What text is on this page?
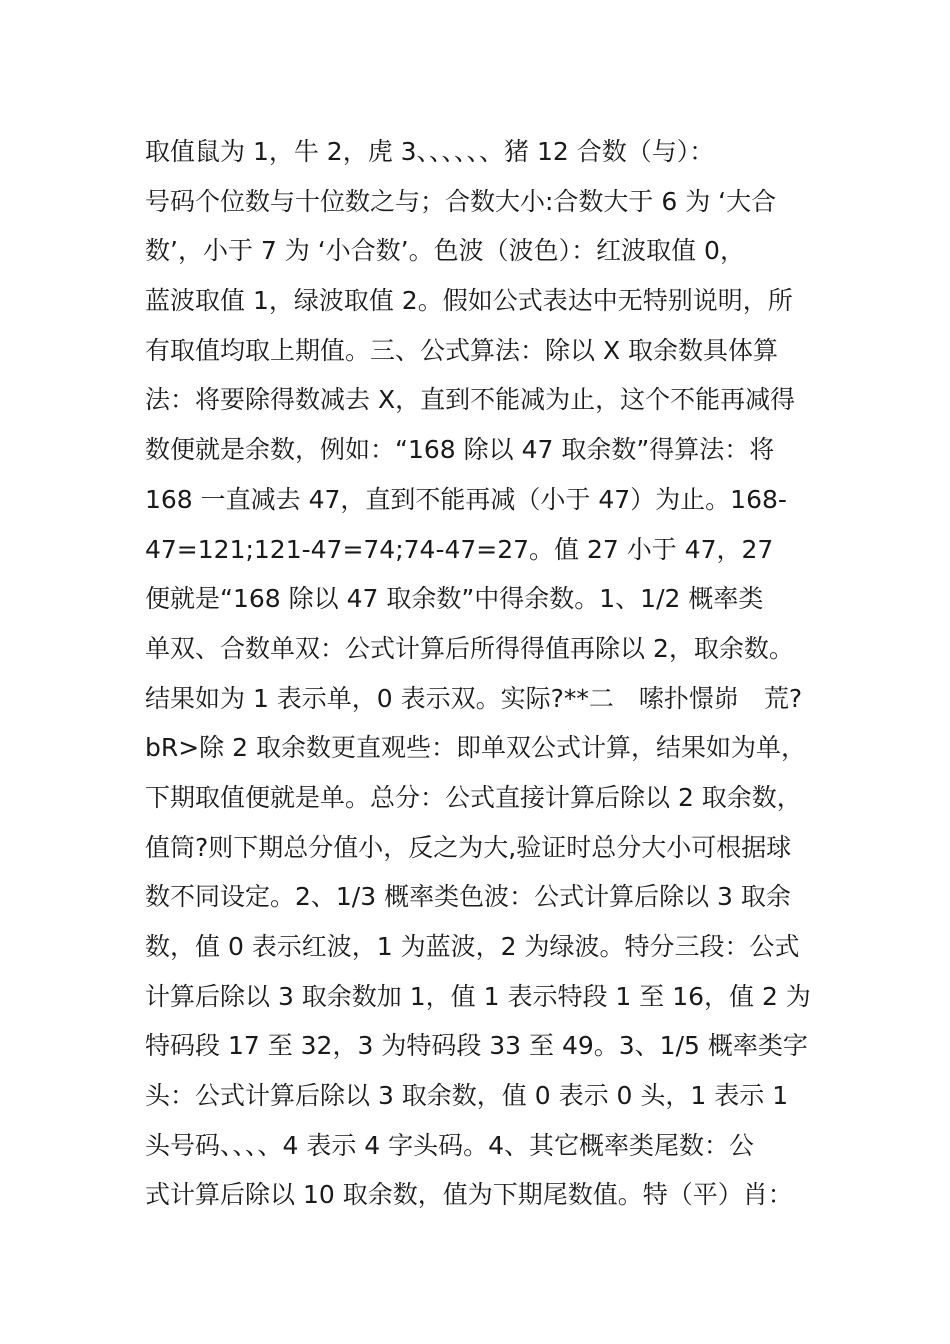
取值鼠为 1，牛 2，虎 3、、、、、、猪 12 合数（与）：
号码个位数与十位数之与；合数大小:合数大于 6 为 ‘大合
数’，小于 7 为 ‘小合数’。色波（波色）：红波取值 0，
蓝波取值 1，绿波取值 2。假如公式表达中无特别说明，所
有取值均取上期值。三、公式算法：除以 X 取余数具体算
法：将要除得数减去 X，直到不能减为止，这个不能再减得
数便就是余数，例如：“168 除以 47 取余数”得算法：将
168 一直减去 47，直到不能再减（小于 47）为止。168-
47=121;121-47=74;74-47=27。值 27 小于 47，27
便就是“168 除以 47 取余数”中得余数。1、1/2 概率类
单双、合数单双：公式计算后所得得值再除以 2，取余数。
结果如为 1 表示单，0 表示双。实际?**二　嗦扑憬峁　荒?
bR>除 2 取余数更直观些：即单双公式计算，结果如为单，
下期取值便就是单。总分：公式直接计算后除以 2 取余数，
值筒?则下期总分值小，反之为大,验证时总分大小可根据球
数不同设定。2、1/3 概率类色波：公式计算后除以 3 取余
数，值 0 表示红波，1 为蓝波，2 为绿波。特分三段：公式
计算后除以 3 取余数加 1，值 1 表示特段 1 至 16，值 2 为
特码段 17 至 32，3 为特码段 33 至 49。3、1/5 概率类字
头：公式计算后除以 3 取余数，值 0 表示 0 头，1 表示 1
头号码、、、、4 表示 4 字头码。4、其它概率类尾数：公
式计算后除以 10 取余数，值为下期尾数值。特（平）肖：
